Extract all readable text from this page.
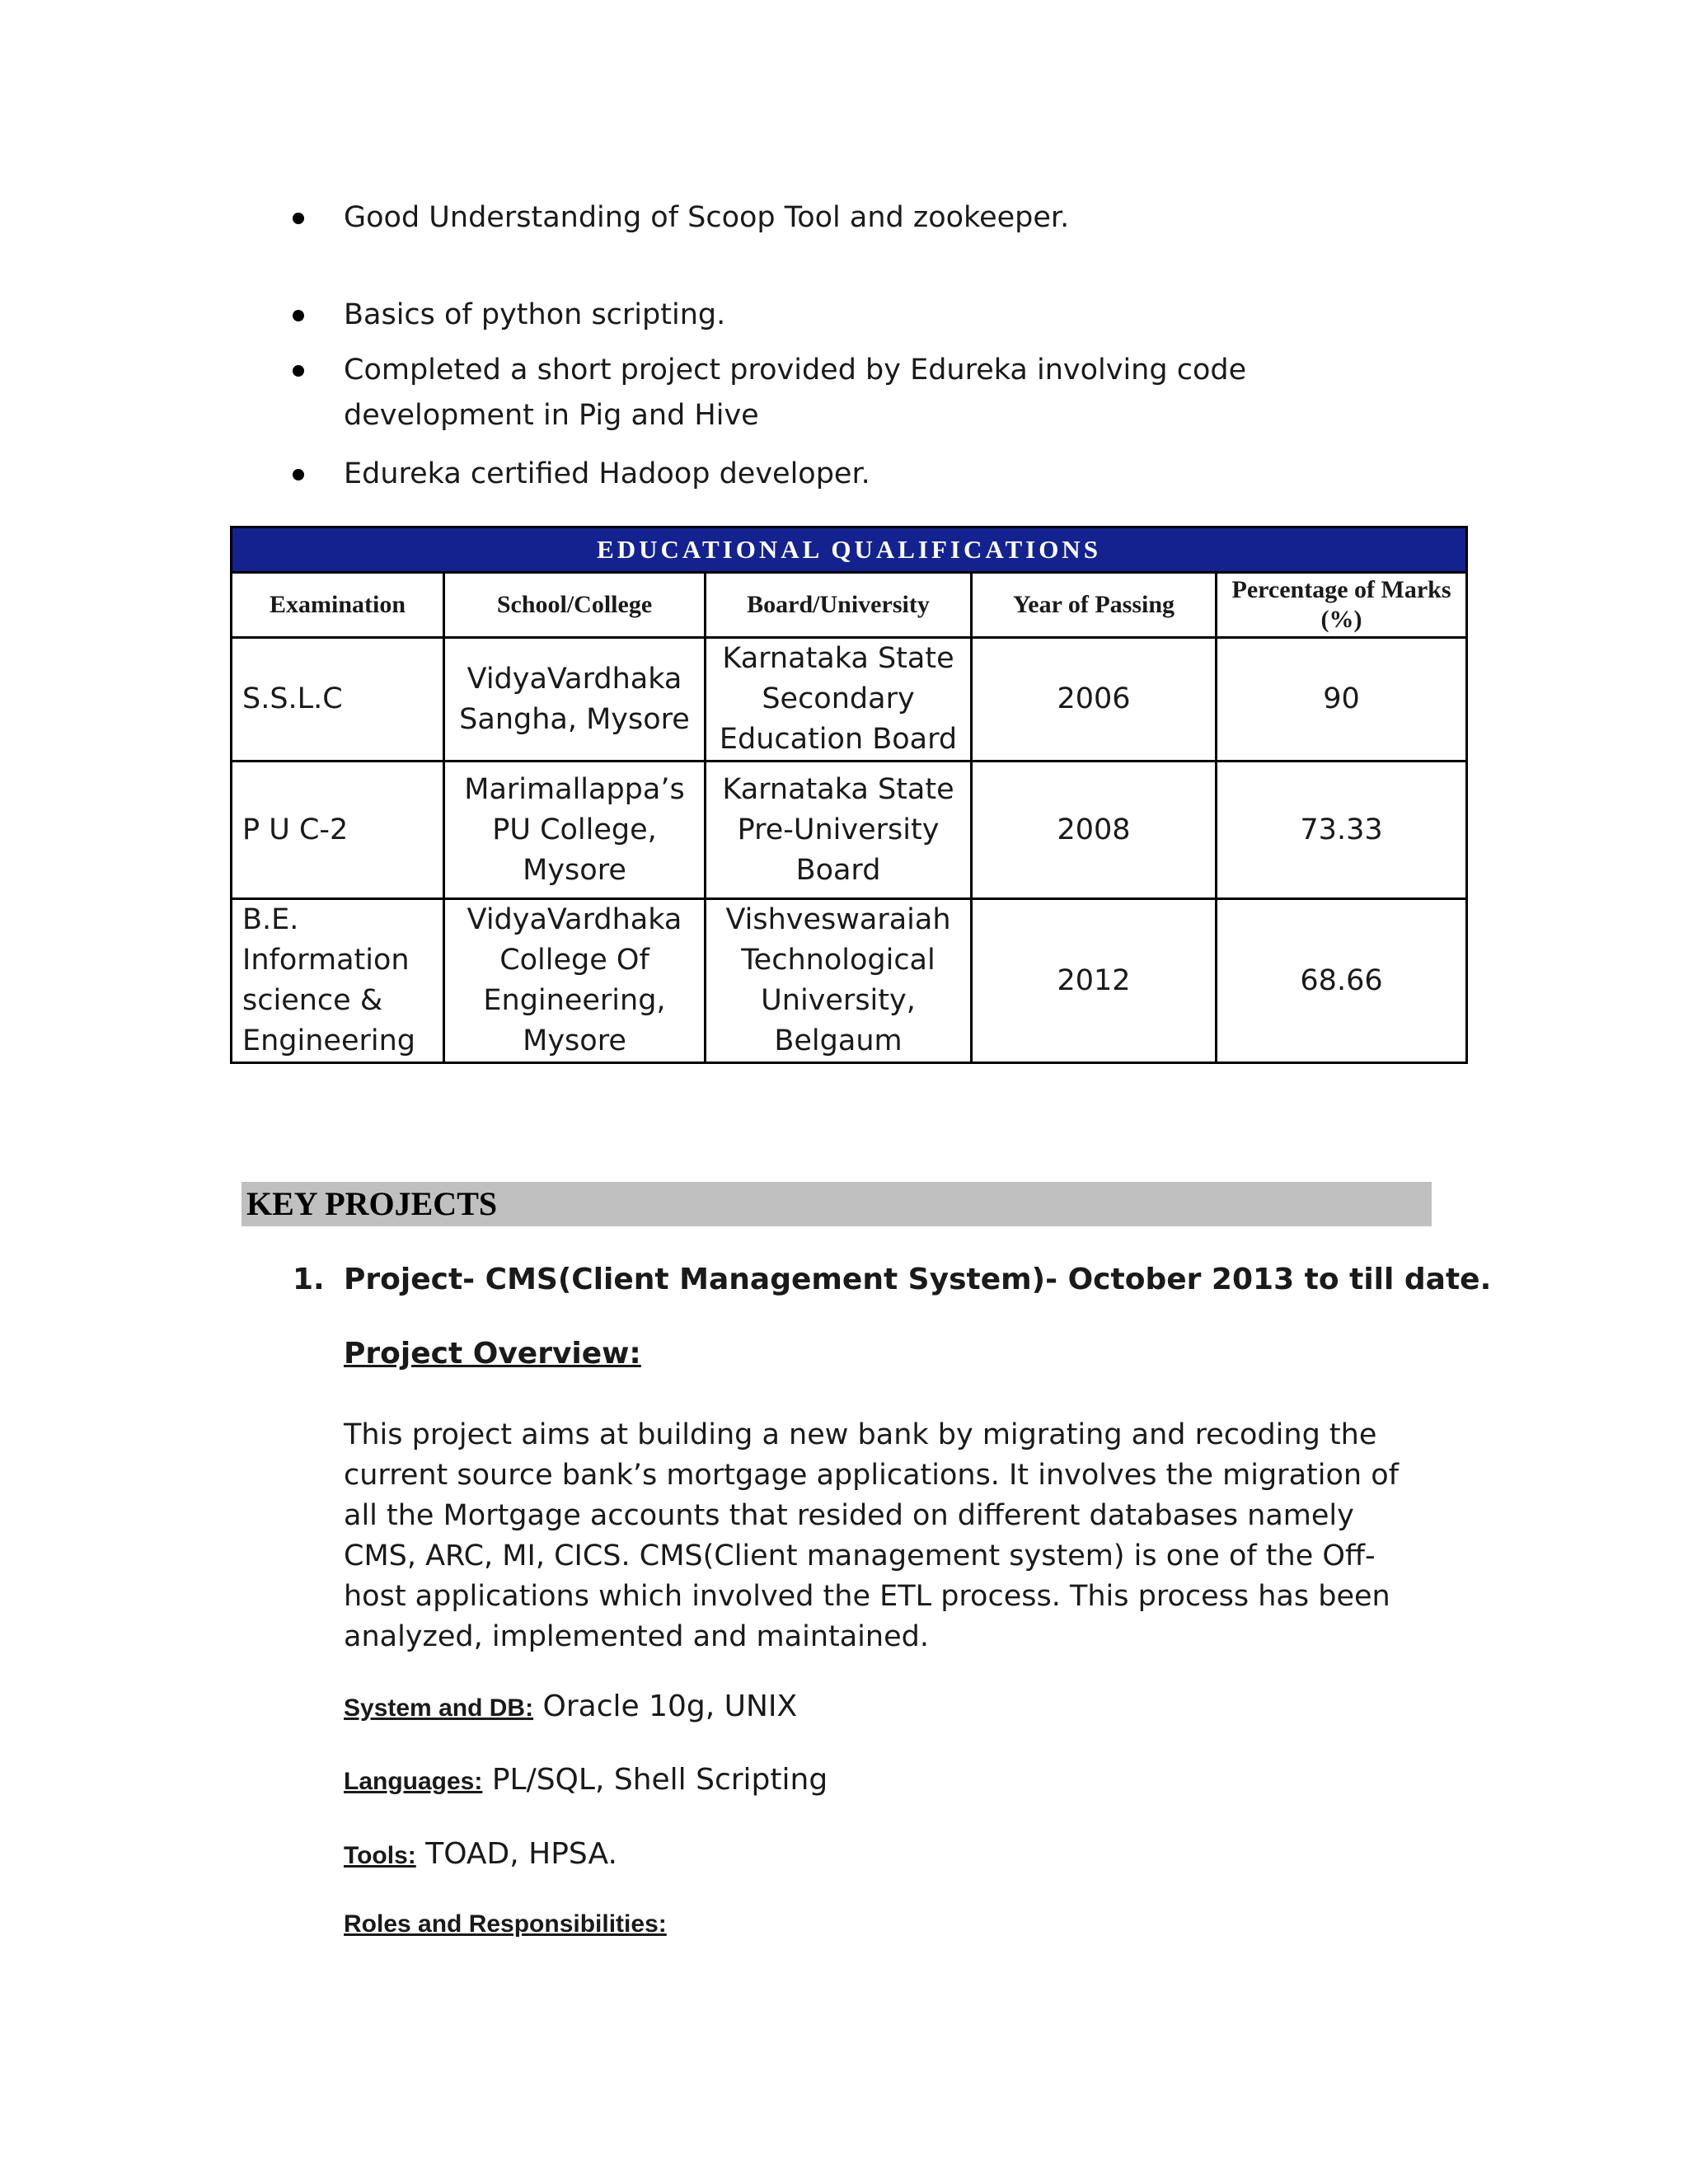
Good Understanding of Scoop Tool and zookeeper.
Basics of python scripting.
Completed a short project provided by Edureka involving code development in Pig and Hive
Edureka certified Hadoop developer.
EDUCATIONAL QUALIFICATIONS				
Examination	School/College	Board/University	Year of Passing	Percentage of Marks (%)
S.S.L.C	VidyaVardhaka Sangha, Mysore	Karnataka State Secondary Education Board	2006	90
P U C-2	Marimallappa’s PU College, Mysore	Karnataka State Pre-University Board	2008	73.33
B.E. Information science & Engineering	VidyaVardhaka College Of Engineering, Mysore	Vishveswaraiah Technological University, Belgaum	2012	68.66
KEY PROJECTS
1. Project- CMS(Client Management System)- October 2013 to till date.
Project Overview:
This project aims at building a new bank by migrating and recoding the current source bank’s mortgage applications. It involves the migration of all the Mortgage accounts that resided on different databases namely CMS, ARC, MI, CICS. CMS(Client management system) is one of the Off-host applications which involved the ETL process. This process has been analyzed, implemented and maintained.
System and DB: Oracle 10g, UNIX
Languages: PL/SQL, Shell Scripting
Tools: TOAD, HPSA.
Roles and Responsibilities:
